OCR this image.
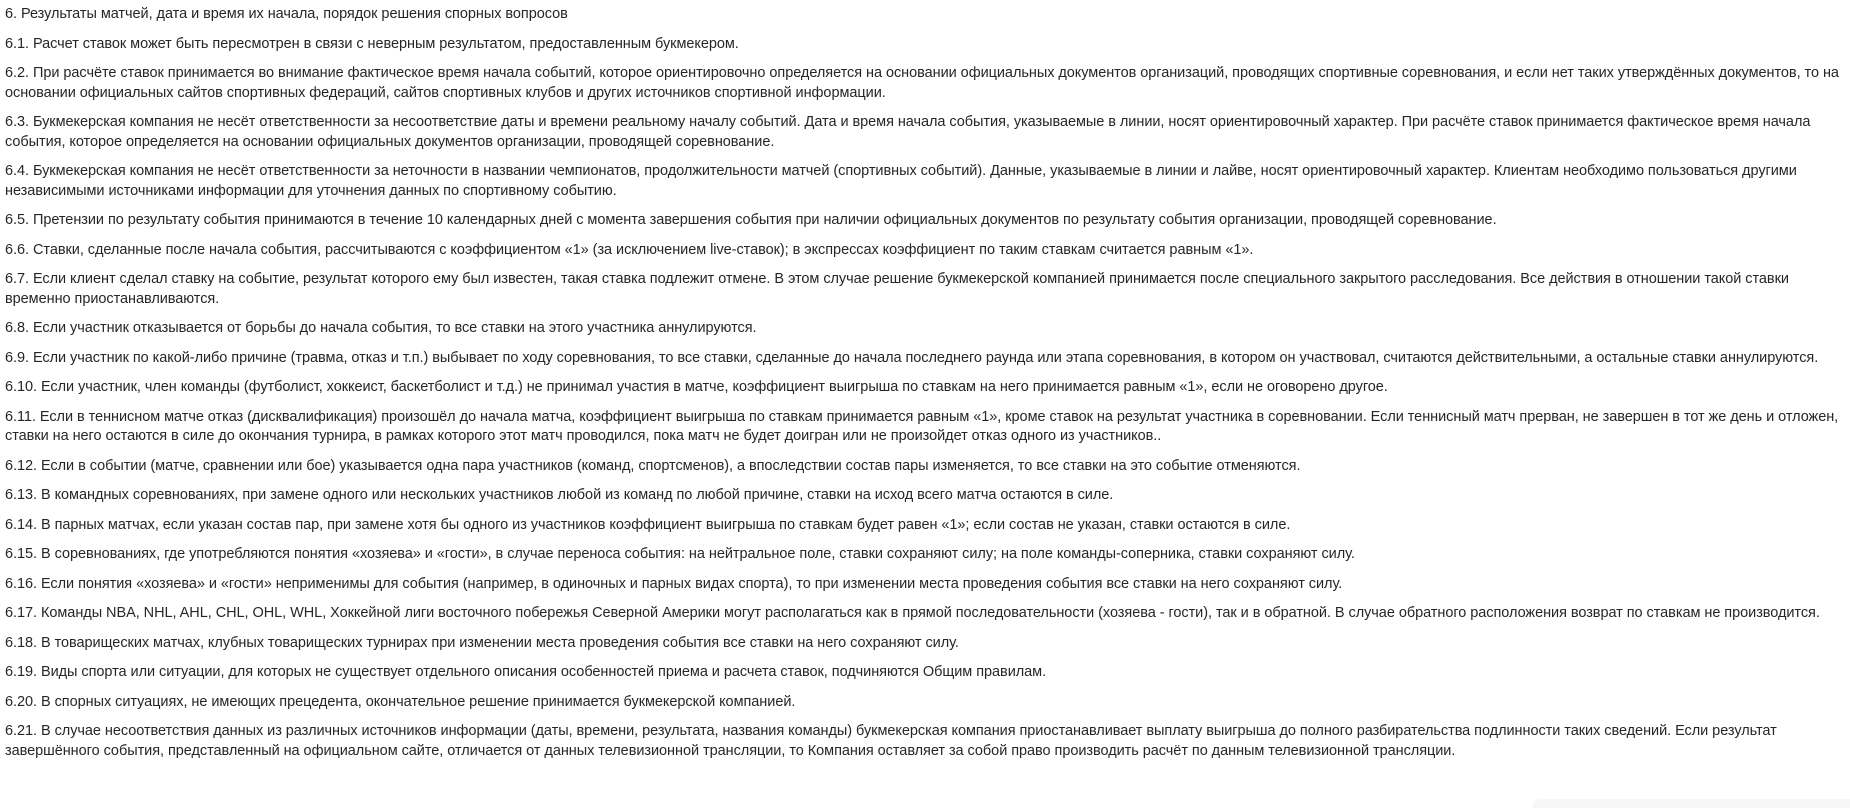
6. Результаты матчей, дата и время их начала, порядок решения спорных вопросов

6.1. Расчет ставок может быть пересмотрен в связи с неверным результатом, предоставленным букмекером.

6.2. При расчёте ставок принимается во внимание фактическое время начала событий, которое ориентировочно определяется на основании официальных документов организаций, проводящих спортивные соревнования, и если нет таких утверждённых документов, то на основании официальных сайтов спортивных федераций, сайтов спортивных клубов и других источников спортивной информации.

6.3. Букмекерская компания не несёт ответственности за несоответствие даты и времени реальному началу событий. Дата и время начала события, указываемые в линии, носят ориентировочный характер. При расчёте ставок принимается фактическое время начала события, которое определяется на основании официальных документов организации, проводящей соревнование.

6.4. Букмекерская компания не несёт ответственности за неточности в названии чемпионатов, продолжительности матчей (спортивных событий). Данные, указываемые в линии и лайве, носят ориентировочный характер. Клиентам необходимо пользоваться другими независимыми источниками информации для уточнения данных по спортивному событию.

6.5. Претензии по результату события принимаются в течение 10 календарных дней с момента завершения события при наличии официальных документов по результату события организации, проводящей соревнование.

6.6. Ставки, сделанные после начала события, рассчитываются с коэффициентом «1» (за исключением live-ставок); в экспрессах коэффициент по таким ставкам считается равным «1».

6.7. Если клиент сделал ставку на событие, результат которого ему был известен, такая ставка подлежит отмене. В этом случае решение букмекерской компанией принимается после специального закрытого расследования. Все действия в отношении такой ставки временно приостанавливаются.

6.8. Если участник отказывается от борьбы до начала события, то все ставки на этого участника аннулируются.

6.9. Если участник по какой-либо причине (травма, отказ и т.п.) выбывает по ходу соревнования, то все ставки, сделанные до начала последнего раунда или этапа соревнования, в котором он участвовал, считаются действительными, а остальные ставки аннулируются.

6.10. Если участник, член команды (футболист, хоккеист, баскетболист и т.д.) не принимал участия в матче, коэффициент выигрыша по ставкам на него принимается равным «1», если не оговорено другое.

6.11. Если в теннисном матче отказ (дисквалификация) произошёл до начала матча, коэффициент выигрыша по ставкам принимается равным «1», кроме ставок на результат участника в соревновании. Если теннисный матч прерван, не завершен в тот же день и отложен, ставки на него остаются в силе до окончания турнира, в рамках которого этот матч проводился, пока матч не будет доигран или не произойдет отказ одного из участников..

6.12. Если в событии (матче, сравнении или бое) указывается одна пара участников (команд, спортсменов), а впоследствии состав пары изменяется, то все ставки на это событие отменяются.

6.13. В командных соревнованиях, при замене одного или нескольких участников любой из команд по любой причине, ставки на исход всего матча остаются в силе.

6.14. В парных матчах, если указан состав пар, при замене хотя бы одного из участников коэффициент выигрыша по ставкам будет равен «1»; если состав не указан, ставки остаются в силе.

6.15. В соревнованиях, где употребляются понятия «хозяева» и «гости», в случае переноса события: на нейтральное поле, ставки сохраняют силу; на поле команды-соперника, ставки сохраняют силу.

6.16. Если понятия «хозяева» и «гости» неприменимы для события (например, в одиночных и парных видах спорта), то при изменении места проведения события все ставки на него сохраняют силу.

6.17. Команды NBA, NHL, AHL, CHL, OHL, WHL, Хоккейной лиги восточного побережья Северной Америки могут располагаться как в прямой последовательности (хозяева - гости), так и в обратной. В случае обратного расположения возврат по ставкам не производится.

6.18. В товарищеских матчах, клубных товарищеских турнирах при изменении места проведения события все ставки на него сохраняют силу.

6.19. Виды спорта или ситуации, для которых не существует отдельного описания особенностей приема и расчета ставок, подчиняются Общим правилам.

6.20. В спорных ситуациях, не имеющих прецедента, окончательное решение принимается букмекерской компанией.

6.21. В случае несоответствия данных из различных источников информации (даты, времени, результата, названия команды) букмекерская компания приостанавливает выплату выигрыша до полного разбирательства подлинности таких сведений. Если результат завершённого события, представленный на официальном сайте, отличается от данных телевизионной трансляции, то Компания оставляет за собой право производить расчёт по данным телевизионной трансляции.
